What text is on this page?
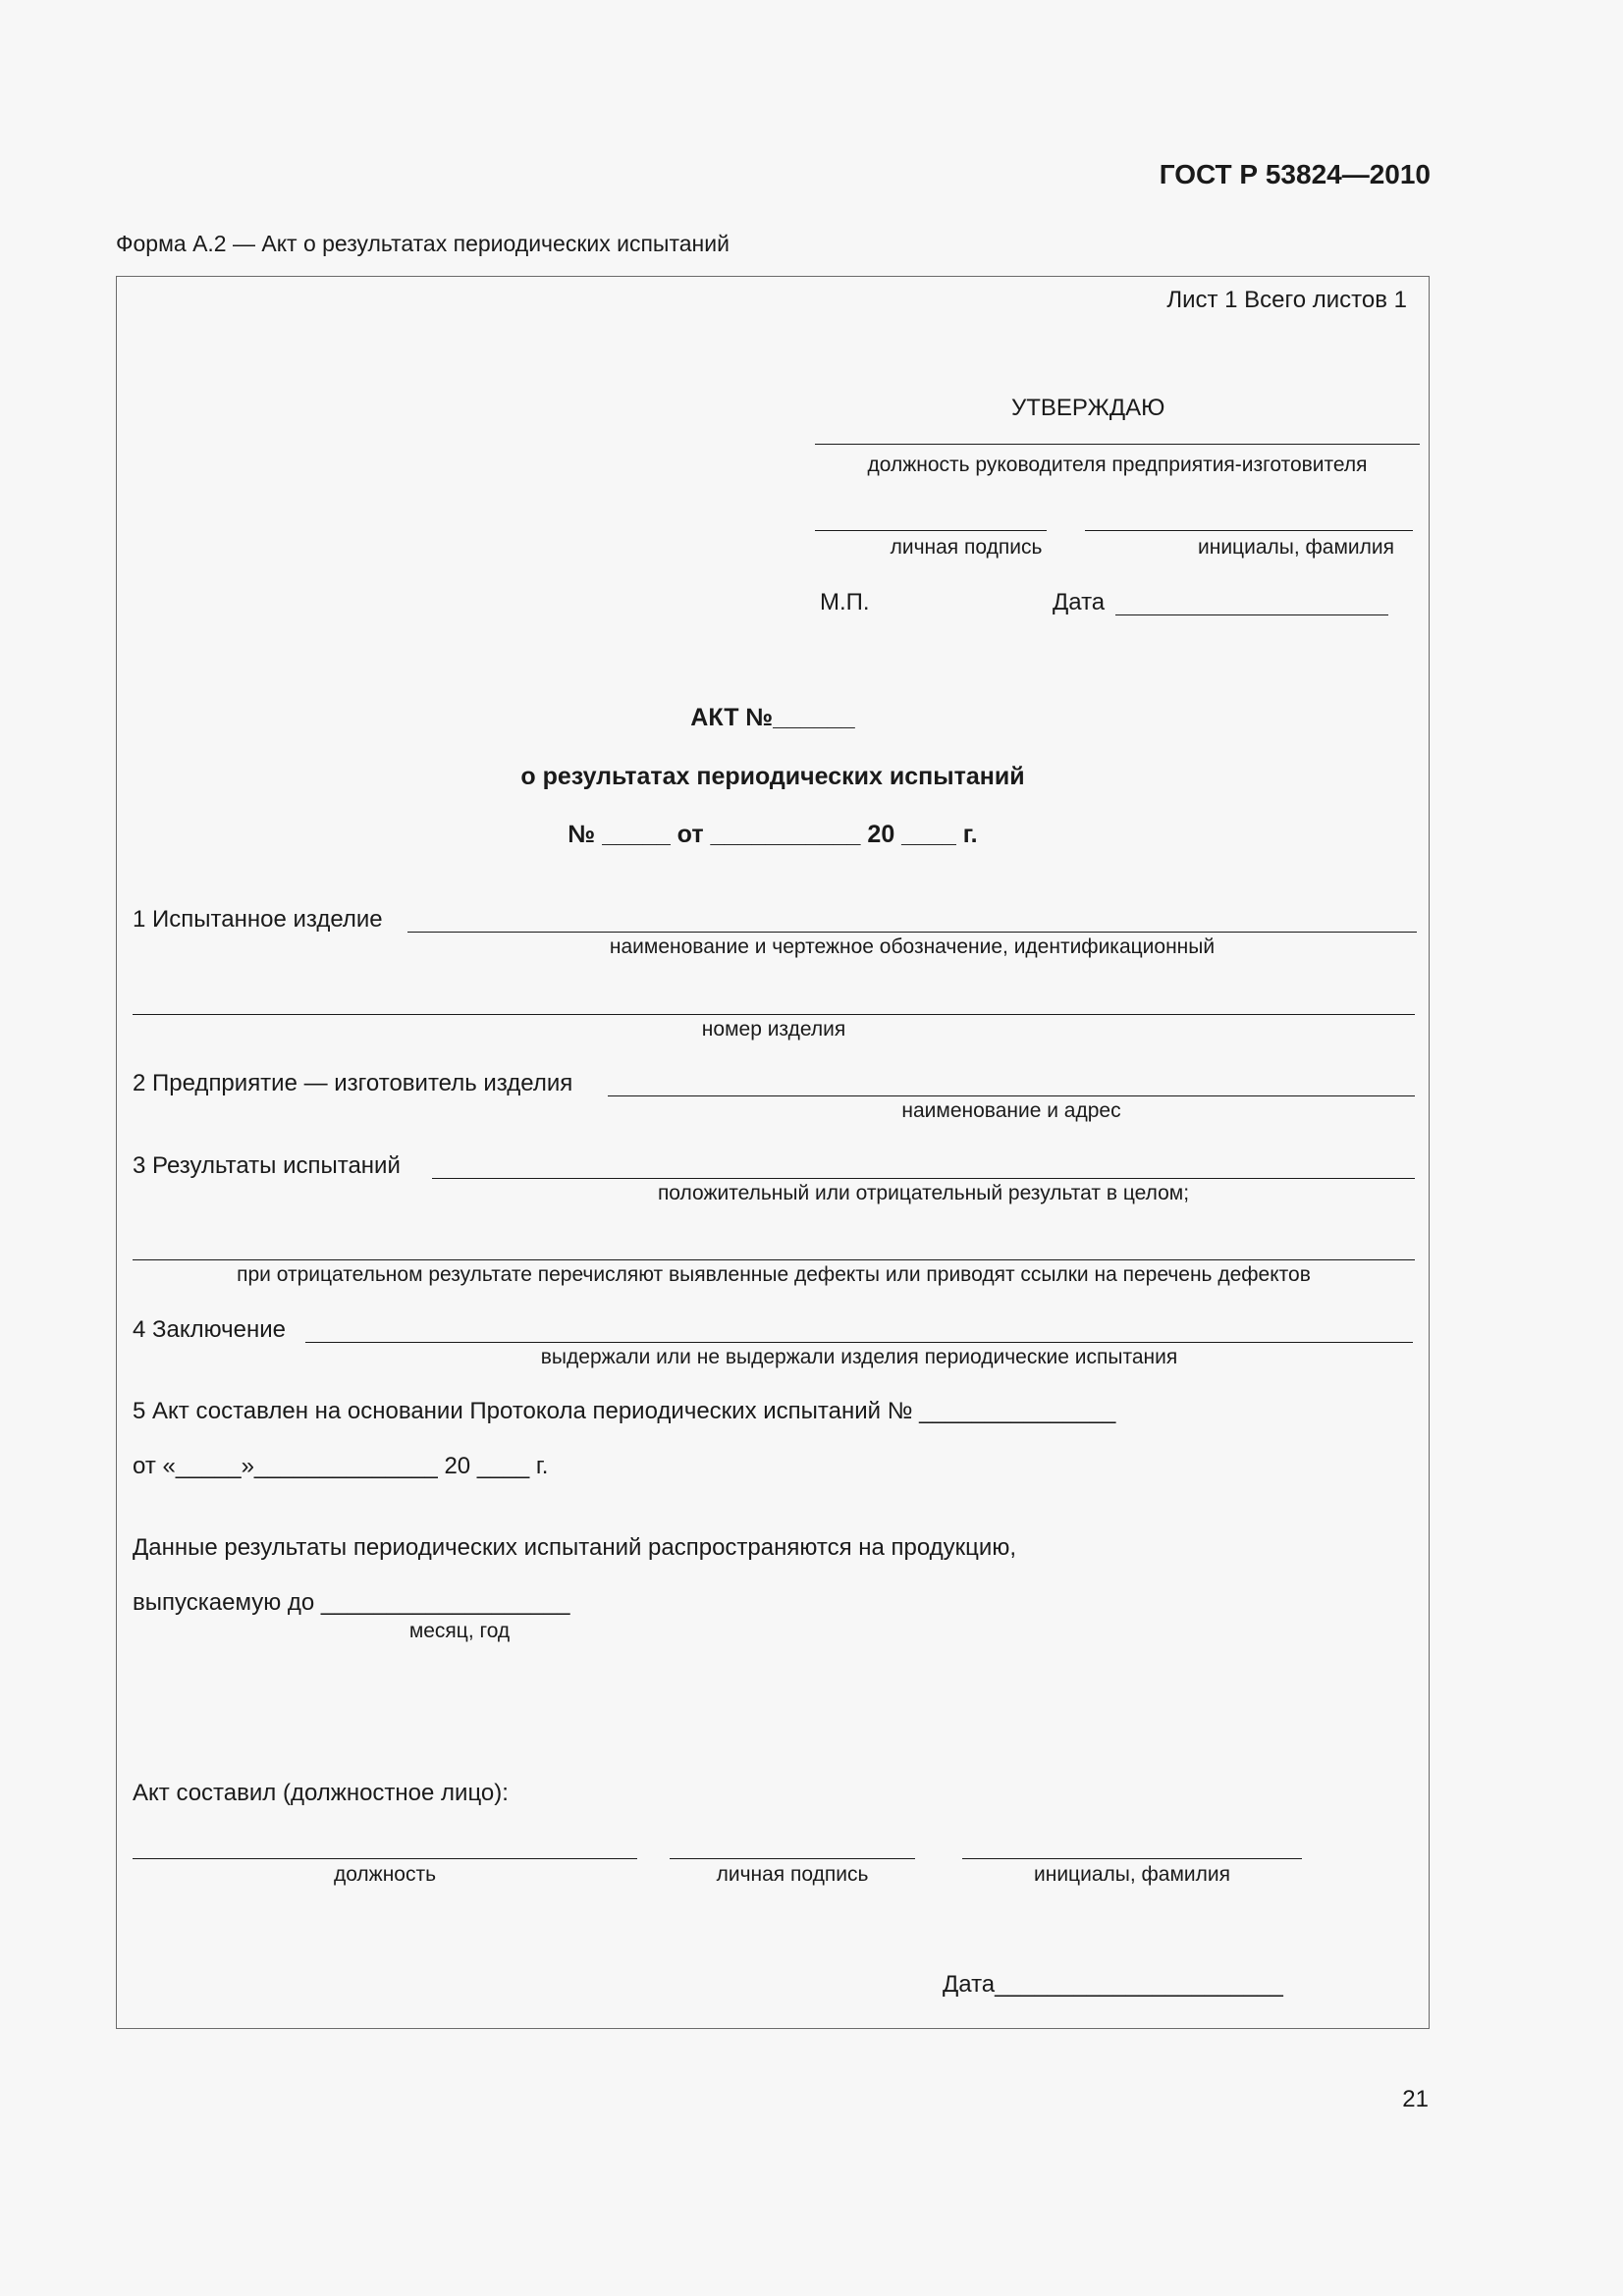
ГОСТ Р 53824—2010
Форма А.2 — Акт о результатах периодических испытаний
Лист 1 Всего листов 1
УТВЕРЖДАЮ
должность руководителя предприятия-изготовителя
личная подпись	инициалы, фамилия
М.П.	Дата
АКТ №______
о результатах периодических испытаний
№ _____ от ___________ 20 ____ г.
1 Испытанное изделие
наименование и чертежное обозначение, идентификационный
номер изделия
2 Предприятие — изготовитель изделия
наименование и адрес
3 Результаты испытаний
положительный или отрицательный результат в целом;
при отрицательном результате перечисляют выявленные дефекты или приводят ссылки на перечень дефектов
4 Заключение
выдержали или не выдержали изделия периодические испытания
5 Акт составлен на основании Протокола периодических испытаний № _______________
от «_____»______________ 20 ____ г.
Данные результаты периодических испытаний распространяются на продукцию,
выпускаемую до ___________________
месяц, год
Акт составил (должностное лицо):
должность	личная подпись	инициалы, фамилия
Дата______________________
21
